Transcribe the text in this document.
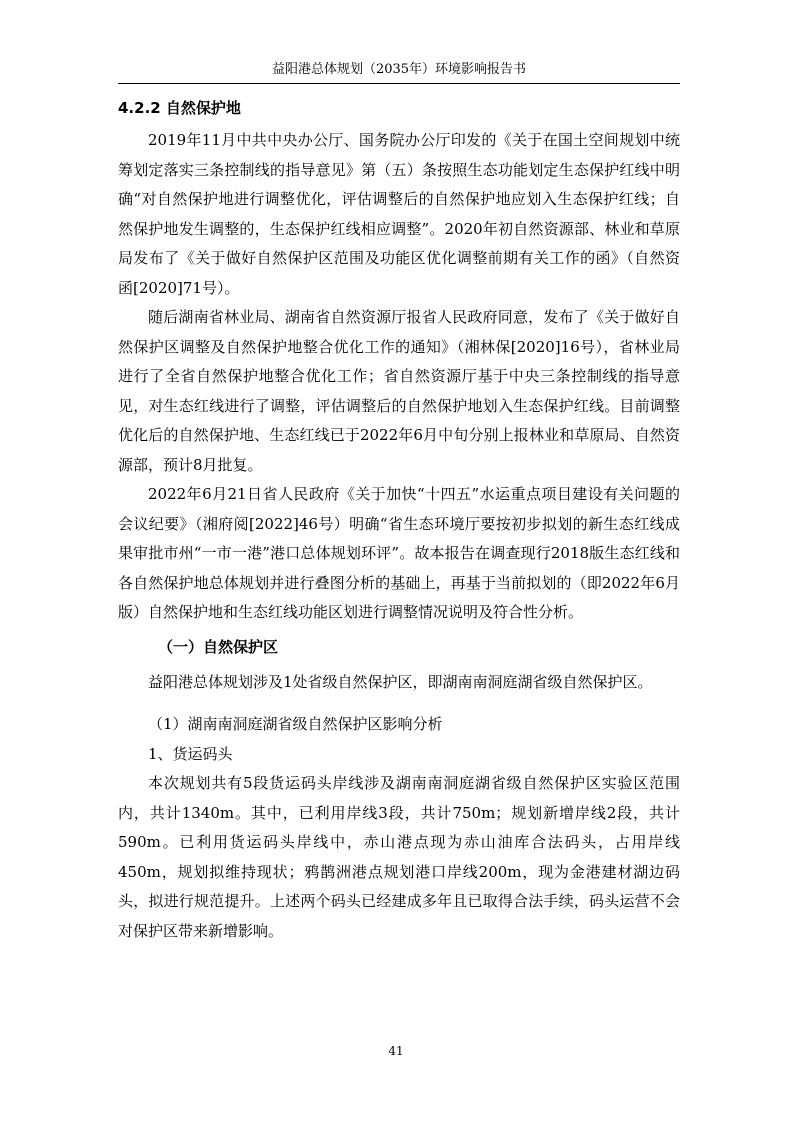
益阳港总体规划（2035年）环境影响报告书
4.2.2 自然保护地

2019年11月中共中央办公厅、国务院办公厅印发的《关于在国土空间规划中统筹划定落实三条控制线的指导意见》第（五）条按照生态功能划定生态保护红线中明确“对自然保护地进行调整优化，评估调整后的自然保护地应划入生态保护红线；自然保护地发生调整的，生态保护红线相应调整”。2020年初自然资源部、林业和草原局发布了《关于做好自然保护区范围及功能区优化调整前期有关工作的函》（自然资函[2020]71号）。

随后湖南省林业局、湖南省自然资源厅报省人民政府同意，发布了《关于做好自然保护区调整及自然保护地整合优化工作的通知》（湘林保[2020]16号），省林业局进行了全省自然保护地整合优化工作；省自然资源厅基于中央三条控制线的指导意见，对生态红线进行了调整，评估调整后的自然保护地划入生态保护红线。目前调整优化后的自然保护地、生态红线已于2022年6月中旬分别上报林业和草原局、自然资源部，预计8月批复。

2022年6月21日省人民政府《关于加快“十四五”水运重点项目建设有关问题的会议纪要》（湘府阅[2022]46号）明确“省生态环境厅要按初步拟划的新生态红线成果审批市州“一市一港”港口总体规划环评”。故本报告在调查现行2018版生态红线和各自然保护地总体规划并进行叠图分析的基础上，再基于当前拟划的（即2022年6月版）自然保护地和生态红线功能区划进行调整情况说明及符合性分析。

（一）自然保护区

益阳港总体规划涉及1处省级自然保护区，即湖南南洞庭湖省级自然保护区。

（1）湖南南洞庭湖省级自然保护区影响分析

1、货运码头

本次规划共有5段货运码头岸线涉及湖南南洞庭湖省级自然保护区实验区范围内，共计1340m。其中，已利用岸线3段，共计750m；规划新增岸线2段，共计590m。已利用货运码头岸线中，赤山港点现为赤山油库合法码头，占用岸线450m，规划拟维持现状；鸦鹊洲港点规划港口岸线200m，现为金港建材湖边码头，拟进行规范提升。上述两个码头已经建成多年且已取得合法手续，码头运营不会对保护区带来新增影响。

41
